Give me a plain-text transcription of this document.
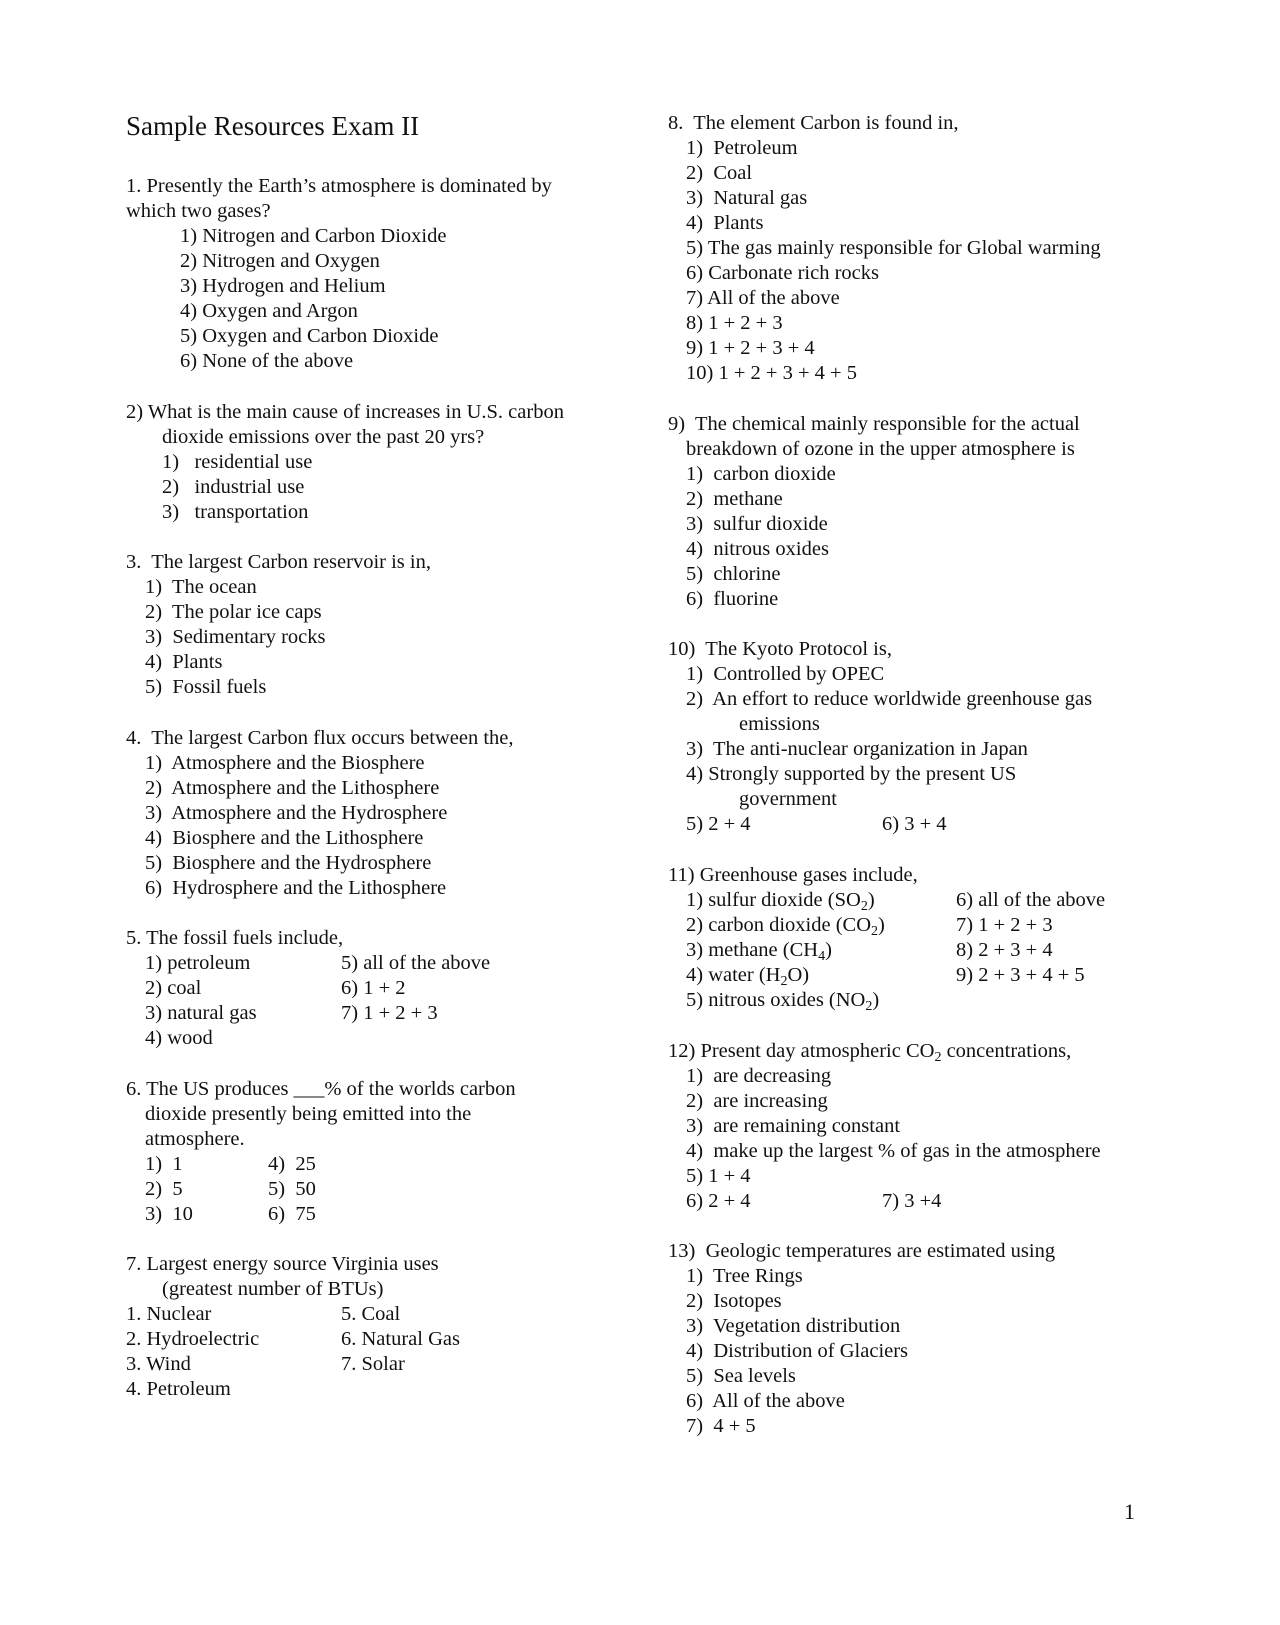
Sample Resources Exam II
1. Presently the Earth’s atmosphere is dominated by
which two gases?
1) Nitrogen and Carbon Dioxide
2) Nitrogen and Oxygen
3) Hydrogen and Helium
4) Oxygen and Argon
5) Oxygen and Carbon Dioxide
6) None of the above
2) What is the main cause of increases in U.S. carbon
dioxide emissions over the past 20 yrs?
1)   residential use
2)   industrial use
3)   transportation
3.  The largest Carbon reservoir is in,
1)  The ocean
2)  The polar ice caps
3)  Sedimentary rocks
4)  Plants
5)  Fossil fuels
4.  The largest Carbon flux occurs between the,
1)  Atmosphere and the Biosphere
2)  Atmosphere and the Lithosphere
3)  Atmosphere and the Hydrosphere
4)  Biosphere and the Lithosphere
5)  Biosphere and the Hydrosphere
6)  Hydrosphere and the Lithosphere
5. The fossil fuels include,
1) petroleum
2) coal
3) natural gas
4) wood
5) all of the above
6) 1 + 2
7) 1 + 2 + 3
6. The US produces ___% of the worlds carbon
dioxide presently being emitted into the
atmosphere.
1)  1
2)  5
3)  10
4)  25
5)  50
6)  75
7. Largest energy source Virginia uses
(greatest number of BTUs)
1. Nuclear
2. Hydroelectric
3. Wind
4. Petroleum
5. Coal
6. Natural Gas
7. Solar
8.  The element Carbon is found in,
1)  Petroleum
2)  Coal
3)  Natural gas
4)  Plants
5) The gas mainly responsible for Global warming
6) Carbonate rich rocks
7) All of the above
8) 1 + 2 + 3
9) 1 + 2 + 3 + 4
10) 1 + 2 + 3 + 4 + 5
9)  The chemical mainly responsible for the actual
breakdown of ozone in the upper atmosphere is
1)  carbon dioxide
2)  methane
3)  sulfur dioxide
4)  nitrous oxides
5)  chlorine
6)  fluorine
10)  The Kyoto Protocol is,
1)  Controlled by OPEC
2)  An effort to reduce worldwide greenhouse gas
emissions
3)  The anti-nuclear organization in Japan
4) Strongly supported by the present US
government
5) 2 + 4	6) 3 + 4
11) Greenhouse gases include,
1) sulfur dioxide $(SO_2)$
2) carbon dioxide $(CO_2)$
3) methane $(CH_4)$
4) water $(H_2O)$
5) nitrous oxides $(NO_2)$
6) all of the above
7) 1 + 2 + 3
8) 2 + 3 + 4
9) 2 + 3 + 4 + 5
12) Present day atmospheric $CO_2$ concentrations,
1)  are decreasing
2)  are increasing
3)  are remaining constant
4)  make up the largest % of gas in the atmosphere
5) 1 + 4
6) 2 + 4	7) 3 +4
13)  Geologic temperatures are estimated using
1)  Tree Rings
2)  Isotopes
3)  Vegetation distribution
4)  Distribution of Glaciers
5)  Sea levels
6)  All of the above
7)  4 + 5
1
